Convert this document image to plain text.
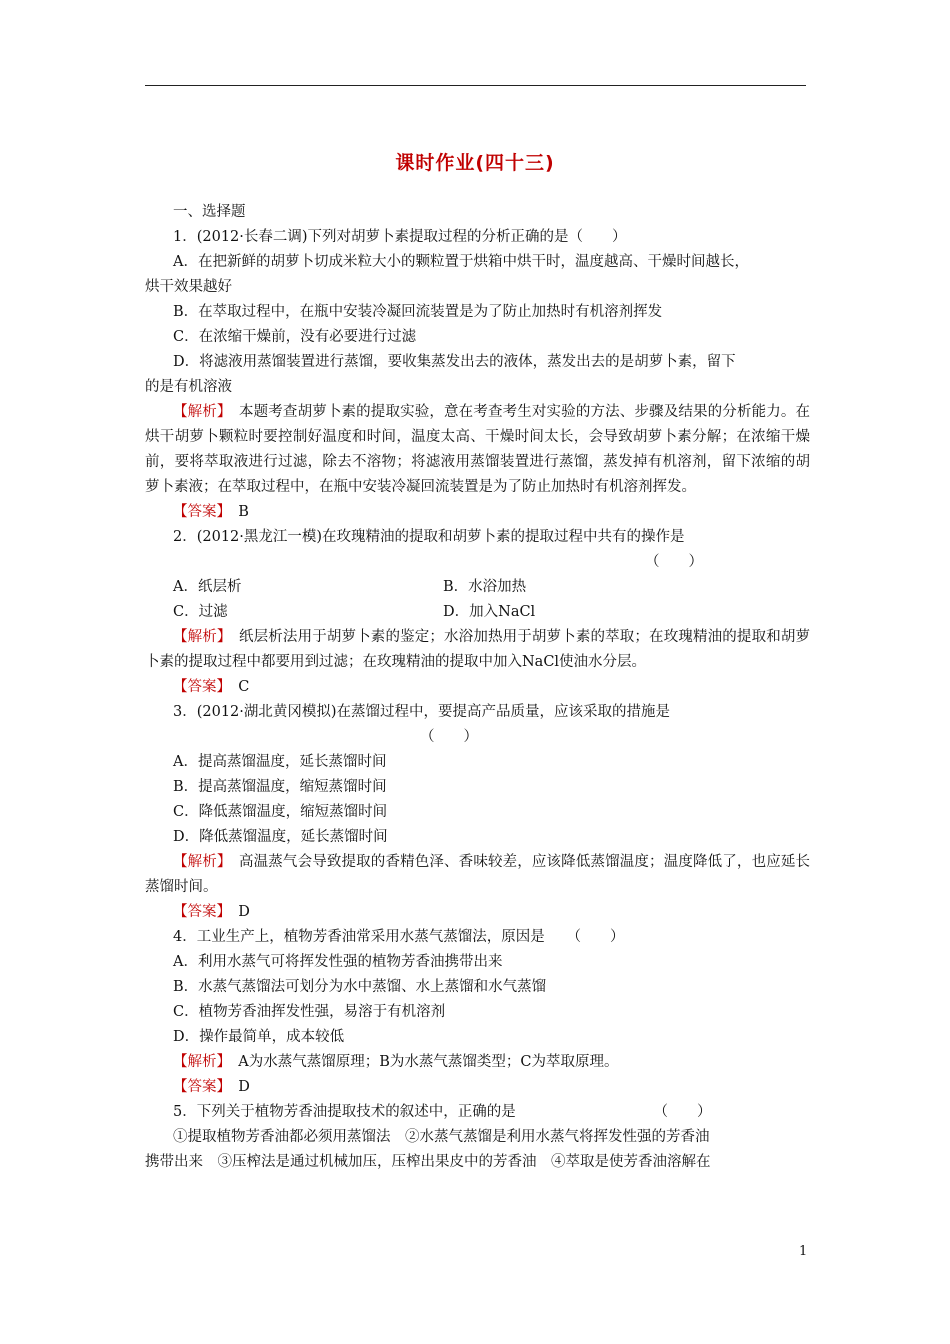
课时作业(四十三)
一、选择题
1．(2012·长春二调)下列对胡萝卜素提取过程的分析正确的是（　　）
A．在把新鲜的胡萝卜切成米粒大小的颗粒置于烘箱中烘干时，温度越高、干燥时间越长，
烘干效果越好
B．在萃取过程中，在瓶中安装冷凝回流装置是为了防止加热时有机溶剂挥发
C．在浓缩干燥前，没有必要进行过滤
D．将滤液用蒸馏装置进行蒸馏，要收集蒸发出去的液体，蒸发出去的是胡萝卜素，留下
的是有机溶液
【解析】　本题考查胡萝卜素的提取实验，意在考查考生对实验的方法、步骤及结果的分析能力。在烘干胡萝卜颗粒时要控制好温度和时间，温度太高、干燥时间太长，会导致胡萝卜素分解；在浓缩干燥前，要将萃取液进行过滤，除去不溶物；将滤液用蒸馏装置进行蒸馏，蒸发掉有机溶剂，留下浓缩的胡萝卜素液；在萃取过程中，在瓶中安装冷凝回流装置是为了防止加热时有机溶剂挥发。
【答案】　B
2．(2012·黑龙江一模)在玫瑰精油的提取和胡萝卜素的提取过程中共有的操作是
（　　）
A．纸层析	B．水浴加热
C．过滤	D．加入NaCl
【解析】　纸层析法用于胡萝卜素的鉴定；水浴加热用于胡萝卜素的萃取；在玫瑰精油的提取和胡萝卜素的提取过程中都要用到过滤；在玫瑰精油的提取中加入NaCl使油水分层。
【答案】　C
3．(2012·湖北黄冈模拟)在蒸馏过程中，要提高产品质量，应该采取的措施是
（　　）
A．提高蒸馏温度，延长蒸馏时间
B．提高蒸馏温度，缩短蒸馏时间
C．降低蒸馏温度，缩短蒸馏时间
D．降低蒸馏温度，延长蒸馏时间
【解析】　高温蒸气会导致提取的香精色泽、香味较差，应该降低蒸馏温度；温度降低了，也应延长蒸馏时间。
【答案】　D
4．工业生产上，植物芳香油常采用水蒸气蒸馏法，原因是　　（　　）
A．利用水蒸气可将挥发性强的植物芳香油携带出来
B．水蒸气蒸馏法可划分为水中蒸馏、水上蒸馏和水气蒸馏
C．植物芳香油挥发性强，易溶于有机溶剂
D．操作最简单，成本较低
【解析】　A为水蒸气蒸馏原理；B为水蒸气蒸馏类型；C为萃取原理。
【答案】　D
5．下列关于植物芳香油提取技术的叙述中，正确的是　　　　　　　　　　（　　）
①提取植物芳香油都必须用蒸馏法　②水蒸气蒸馏是利用水蒸气将挥发性强的芳香油
携带出来　③压榨法是通过机械加压，压榨出果皮中的芳香油　④萃取是使芳香油溶解在
1
